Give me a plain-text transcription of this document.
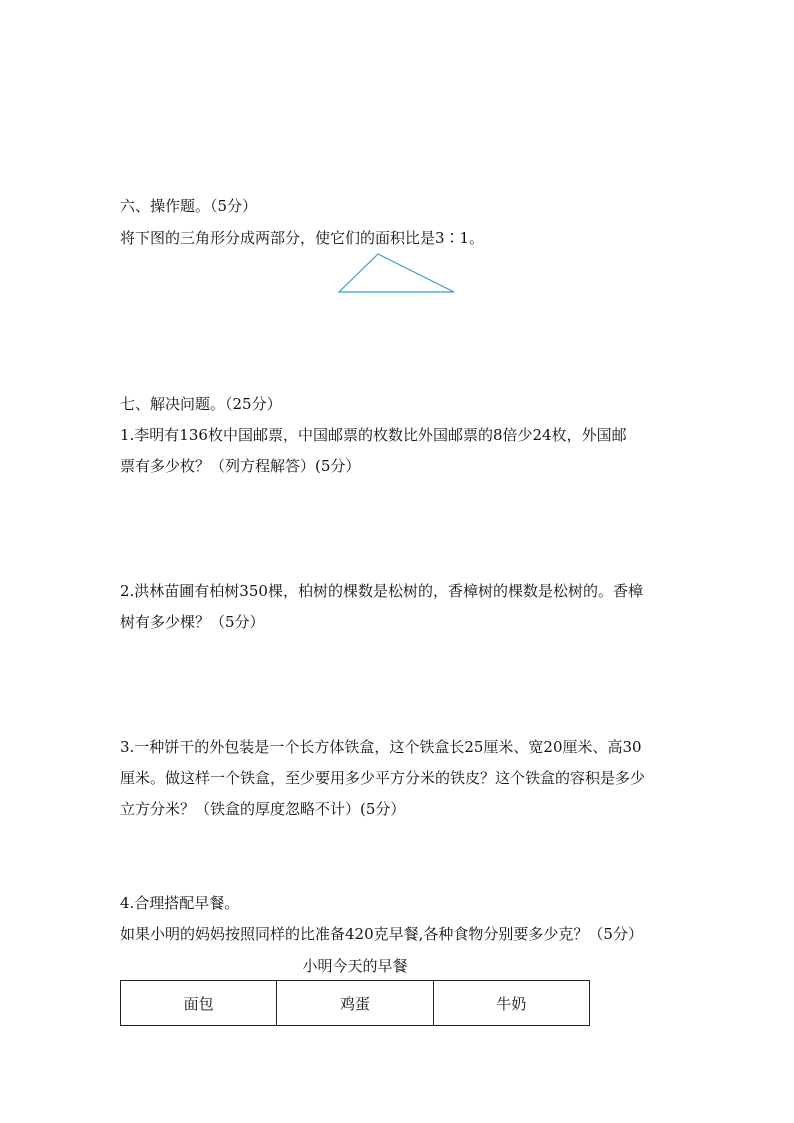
六、操作题。（5分）
将下图的三角形分成两部分，使它们的面积比是3∶1。
七、解决问题。（25分）
1.李明有136枚中国邮票，中国邮票的枚数比外国邮票的8倍少24枚，外国邮
票有多少枚？（列方程解答）(5分）
2.洪林苗圃有柏树350棵，柏树的棵数是松树的，香樟树的棵数是松树的。香樟
树有多少棵？（5分）
3.一种饼干的外包装是一个长方体铁盒，这个铁盒长25厘米、宽20厘米、高30
厘米。做这样一个铁盒，至少要用多少平方分米的铁皮？这个铁盒的容积是多少
立方分米？（铁盒的厚度忽略不计）(5分）
4.合理搭配早餐。
如果小明的妈妈按照同样的比准备420克早餐,各种食物分别要多少克？（5分）
小明今天的早餐
面包	鸡蛋	牛奶
